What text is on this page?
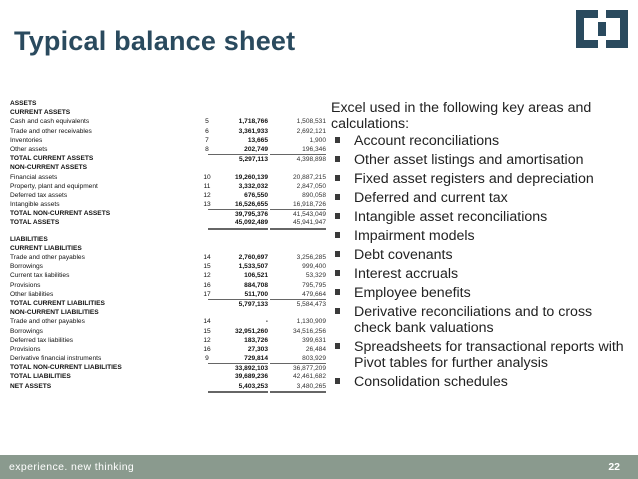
Typical balance sheet
ASSETS
CURRENT ASSETS
Cash and cash equivalents	5	1,718,766	1,508,531
Trade and other receivables	6	3,361,933	2,692,121
Inventories	7	13,665	1,900
Other assets	8	202,749	196,346
TOTAL CURRENT ASSETS	5,297,113	4,398,898
NON-CURRENT ASSETS
Financial assets	10	19,260,139	20,887,215
Property, plant and equipment	11	3,332,032	2,847,050
Deferred tax assets	12	676,550	890,058
Intangible assets	13	16,526,655	16,918,726
TOTAL NON-CURRENT ASSETS	39,795,376	41,543,049
TOTAL ASSETS	45,092,489	45,941,947
LIABILITIES
CURRENT LIABILITIES
Trade and other payables	14	2,760,697	3,256,285
Borrowings	15	1,533,507	999,400
Current tax liabilities	12	106,521	53,329
Provisions	16	884,708	795,795
Other liabilities	17	511,700	479,664
TOTAL CURRENT LIABILITIES	5,797,133	5,584,473
NON-CURRENT LIABILITIES
Trade and other payables	14	-	1,130,909
Borrowings	15	32,951,260	34,516,256
Deferred tax liabilities	12	183,726	399,631
Provisions	16	27,303	26,484
Derivative financial instruments	9	729,814	803,929
TOTAL NON-CURRENT LIABILITIES	33,892,103	36,877,209
TOTAL LIABILITIES	39,689,236	42,461,682
NET ASSETS	5,403,253	3,480,265
Excel used in the following key areas and calculations:
Account reconciliations
Other asset listings and amortisation
Fixed asset registers and depreciation
Deferred and current tax
Intangible asset reconciliations
Impairment models
Debt covenants
Interest accruals
Employee benefits
Derivative reconciliations and to cross check bank valuations
Spreadsheets for transactional reports with Pivot tables for further analysis
Consolidation schedules
experience. new thinking	22
